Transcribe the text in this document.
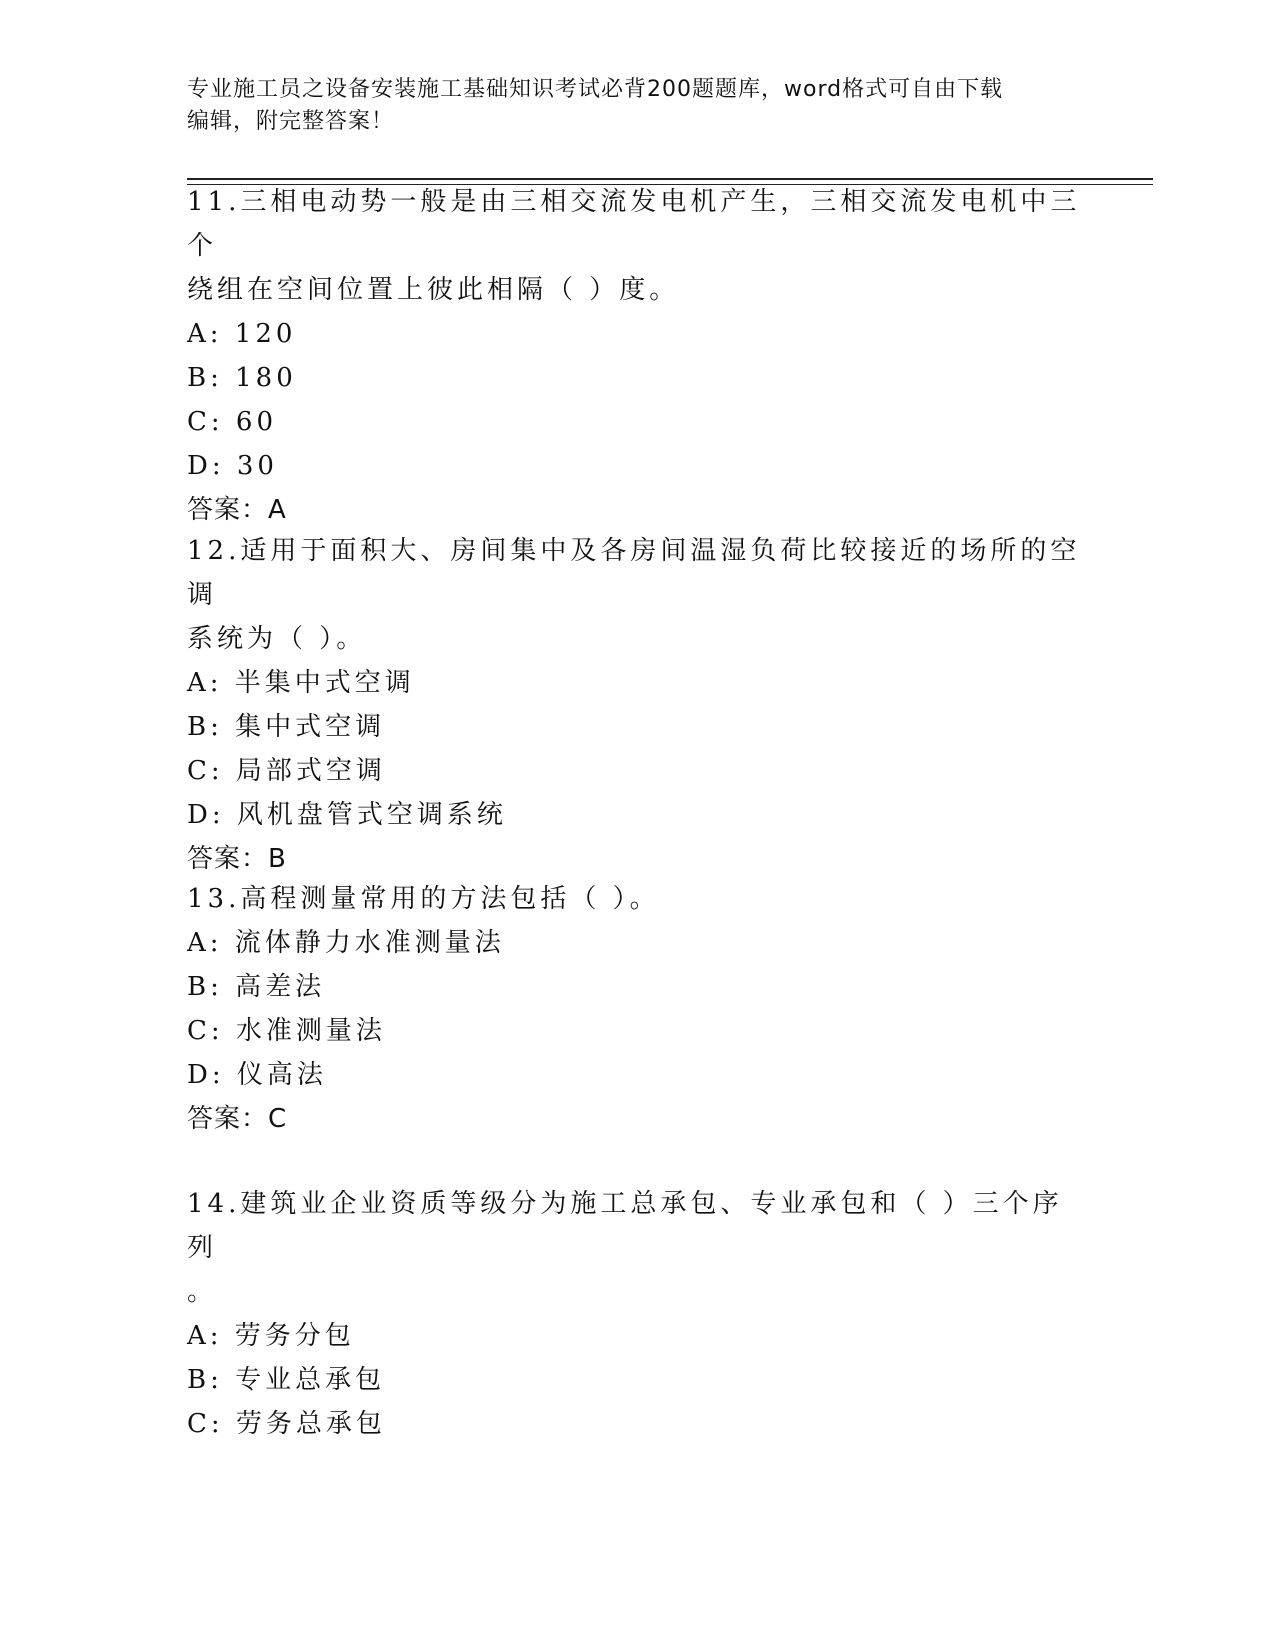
专业施工员之设备安装施工基础知识考试必背200题题库，word格式可自由下载
编辑，附完整答案！
11.三相电动势一般是由三相交流发电机产生，三相交流发电机中三个
绕组在空间位置上彼此相隔（ ）度。
A: 120
B: 180
C: 60
D: 30
答案：A
12.适用于面积大、房间集中及各房间温湿负荷比较接近的场所的空调
系统为（ ）。
A: 半集中式空调
B: 集中式空调
C: 局部式空调
D: 风机盘管式空调系统
答案：B
13.高程测量常用的方法包括（ ）。
A: 流体静力水准测量法
B: 高差法
C: 水准测量法
D: 仪高法
答案：C
14.建筑业企业资质等级分为施工总承包、专业承包和（ ）三个序列
。
A: 劳务分包
B: 专业总承包
C: 劳务总承包
